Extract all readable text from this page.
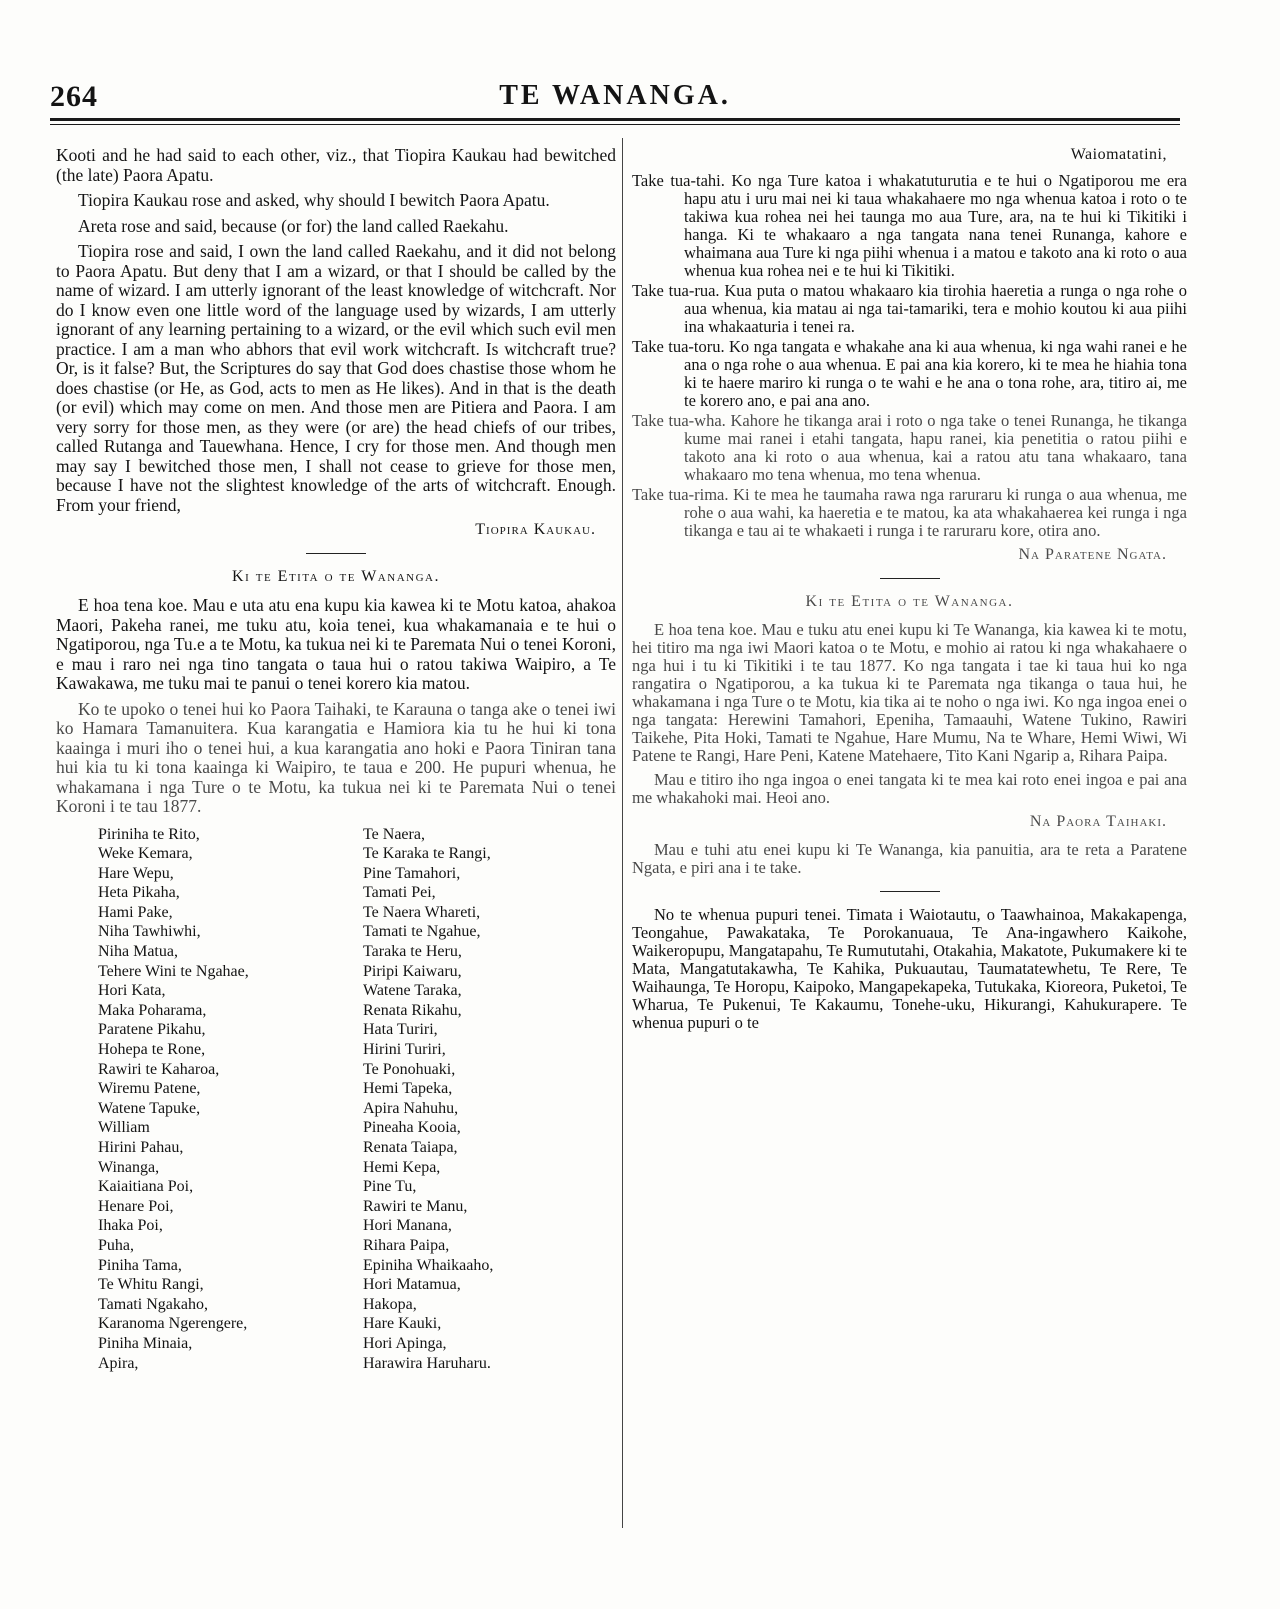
264	TE WANANGA.

Kooti and he had said to each other, viz., that Tiopira Kaukau had bewitched (the late) Paora Apatu.

Tiopira Kaukau rose and asked, why should I bewitch Paora Apatu.

Areta rose and said, because (or for) the land called Raekahu.

Tiopira rose and said, I own the land called Raekahu, and it did not belong to Paora Apatu. But deny that I am a wizard, or that I should be called by the name of wizard. I am utterly ignorant of the least knowledge of witchcraft. Nor do I know even one little word of the language used by wizards, I am utterly ignorant of any learning pertaining to a wizard, or the evil which such evil men practice. I am a man who abhors that evil work witchcraft. Is witchcraft true? Or, is it false? But, the Scriptures do say that God does chastise those whom he does chastise (or He, as God, acts to men as He likes). And in that is the death (or evil) which may come on men. And those men are Pitiera and Paora. I am very sorry for those men, as they were (or are) the head chiefs of our tribes, called Rutanga and Tauewhana. Hence, I cry for those men. And though men may say I bewitched those men, I shall not cease to grieve for those men, because I have not the slightest knowledge of the arts of witchcraft. Enough. From your friend,

Tiopira Kaukau.

Ki te Etita o te Wananga.

E hoa tena koe. Mau e uta atu ena kupu kia kawea ki te Motu katoa, ahakoa Maori, Pakeha ranei, me tuku atu, koia tenei, kua whakamanaia e te hui o Ngatiporou, nga Tu.e a te Motu, ka tukua nei ki te Paremata Nui o tenei Koroni, e mau i raro nei nga tino tangata o taua hui o ratou takiwa Waipiro, a Te Kawakawa, me tuku mai te panui o tenei korero kia matou.

Ko te upoko o tenei hui ko Paora Taihaki, te Karauna o tanga ake o tenei iwi ko Hamara Tamanuitera. Kua karangatia e Hamiora kia tu he hui ki tona kaainga i muri iho o tenei hui, a kua karangatia ano hoki e Paora Tiniran tana hui kia tu ki tona kaainga ki Waipiro, te taua e 200. He pupuri whenua, he whakamana i nga Ture o te Motu, ka tukua nei ki te Paremata Nui o tenei Koroni i te tau 1877.

Piriniha te Rito,
Weke Kemara,
Hare Wepu,
Heta Pikaha,
Hami Pake,
Niha Tawhiwhi,
Niha Matua,
Tehere Wini te Ngahae,
Hori Kata,
Maka Poharama,
Paratene Pikahu,
Hohepa te Rone,
Rawiri te Kaharoa,
Wiremu Patene,
Watene Tapuke,
William
Hirini Pahau,
Winanga,
Kaiaitiana Poi,
Henare Poi,
Ihaka Poi,
Puha,
Piniha Tama,
Te Whitu Rangi,
Tamati Ngakaho,
Karanoma Ngerengere,
Piniha Minaia,
Apira,
Te Naera,
Te Karaka te Rangi,
Pine Tamahori,
Tamati Pei,
Te Naera Whareti,
Tamati te Ngahue,
Taraka te Heru,
Piripi Kaiwaru,
Watene Taraka,
Renata Rikahu,
Hata Turiri,
Hirini Turiri,
Te Ponohuaki,
Hemi Tapeka,
Apira Nahuhu,
Pineaha Kooia,
Renata Taiapa,
Hemi Kepa,
Pine Tu,
Rawiri te Manu,
Hori Manana,
Rihara Paipa,
Epiniha Whaikaaho,
Hori Matamua,
Hakopa,
Hare Kauki,
Hori Apinga,
Harawira Haruharu.

Waiomatatini,

Take tua-tahi. Ko nga Ture katoa i whakatuturutia e te hui o Ngatiporou me era hapu atu i uru mai nei ki taua whakahaere mo nga whenua katoa i roto o te takiwa kua rohea nei hei taunga mo aua Ture, ara, na te hui ki Tikitiki i hanga. Ki te whakaaro a nga tangata nana tenei Runanga, kahore e whaimana aua Ture ki nga piihi whenua i a matou e takoto ana ki roto o aua whenua kua rohea nei e te hui ki Tikitiki.

Take tua-rua. Kua puta o matou whakaaro kia tirohia haeretia a runga o nga rohe o aua whenua, kia matau ai nga tai-tamariki, tera e mohio koutou ki aua piihi ina whakaaturia i tenei ra.

Take tua-toru. Ko nga tangata e whakahe ana ki aua whenua, ki nga wahi ranei e he ana o nga rohe o aua whenua. E pai ana kia korero, ki te mea he hiahia tona ki te haere mariro ki runga o te wahi e he ana o tona rohe, ara, titiro ai, me te korero ano, e pai ana ano.

Take tua-wha. Kahore he tikanga arai i roto o nga take o tenei Runanga, he tikanga kume mai ranei i etahi tangata, hapu ranei, kia penetitia o ratou piihi e takoto ana ki roto o aua whenua, kai a ratou atu tana whakaaro, tana whakaaro mo tena whenua, mo tena whenua.

Take tua-rima. Ki te mea he taumaha rawa nga raruraru ki runga o aua whenua, me rohe o aua wahi, ka haeretia e te matou, ka ata whakahaerea kei runga i nga tikanga e tau ai te whakaeti i runga i te raruraru kore, otira ano.

Na Paratene Ngata.

Ki te Etita o te Wananga.

E hoa tena koe. Mau e tuku atu enei kupu ki Te Wananga, kia kawea ki te motu, hei titiro ma nga iwi Maori katoa o te Motu, e mohio ai ratou ki nga whakahaere o nga hui i tu ki Tikitiki i te tau 1877. Ko nga tangata i tae ki taua hui ko nga rangatira o Ngatiporou, a ka tukua ki te Paremata nga tikanga o taua hui, he whakamana i nga Ture o te Motu, kia tika ai te noho o nga iwi. Ko nga ingoa enei o nga tangata: Herewini Tamahori, Epeniha, Tamaauhi, Watene Tukino, Rawiri Taikehe, Pita Hoki, Tamati te Ngahue, Hare Mumu, Na te Whare, Hemi Wiwi, Wi Patene te Rangi, Hare Peni, Katene Matehaere, Tito Kani Ngarip a, Rihara Paipa.

Mau e titiro iho nga ingoa o enei tangata ki te mea kai roto enei ingoa e pai ana me whakahoki mai. Heoi ano.

Na Paora Taihaki.

Mau e tuhi atu enei kupu ki Te Wananga, kia panuitia, ara te reta a Paratene Ngata, e piri ana i te take.

No te whenua pupuri tenei. Timata i Waiotautu, o Taawhainoa, Makakapenga, Teongahue, Pawakataka, Te Porokanuaua, Te Ana-ingawhero Kaikohe, Waikeropupu, Mangatapahu, Te Rumututahi, Otakahia, Makatote, Pukumakere ki te Mata, Mangatutakawha, Te Kahika, Pukuautau, Taumatatewhetu, Te Rere, Te Waihaunga, Te Horopu, Kaipoko, Mangapekapeka, Tutukaka, Kioreora, Puketoi, Te Wharua, Te Pukenui, Te Kakaumu, Tonehe-uku, Hikurangi, Kahukurapere. Te whenua pupuri o te
